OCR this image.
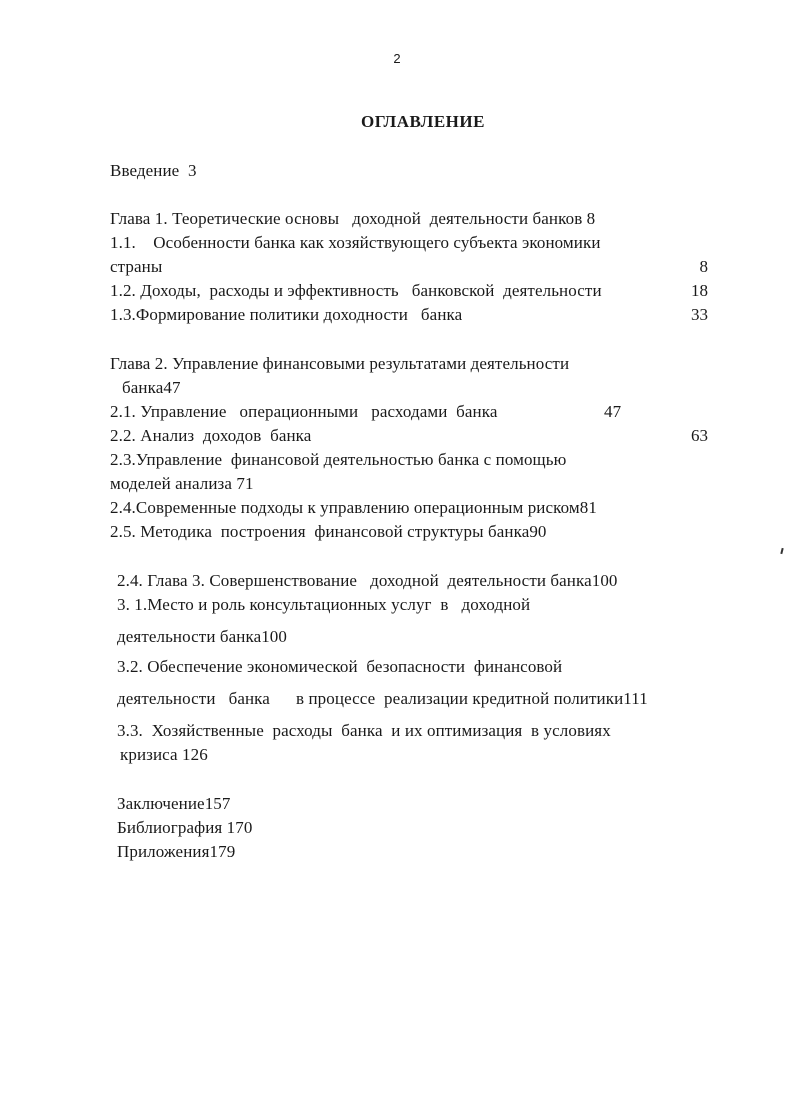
2
ОГЛАВЛЕНИЕ
Введение  3
Глава 1. Теоретические основы   доходной  деятельности банков 8
1.1.    Особенности банка как хозяйствующего субъекта экономики
страны	8
1.2. Доходы,  расходы и эффективность   банковской  деятельности	18
1.3.Формирование политики доходности   банка	33
Глава 2. Управление финансовыми результатами деятельности
банка47
2.1. Управление   операционными   расходами  банка	47
2.2. Анализ  доходов  банка	63
2.3.Управление  финансовой деятельностью банка с помощью
моделей анализа 71
2.4.Современные подходы к управлению операционным риском81
2.5. Методика  построения  финансовой структуры банка90
2.4. Глава 3. Совершенствование   доходной  деятельности банка100
3. 1.Место и роль консультационных услуг  в   доходной
деятельности банка100
3.2. Обеспечение экономической  безопасности  финансовой
деятельности   банка      в процессе  реализации кредитной политики111
3.3.  Хозяйственные  расходы  банка  и их оптимизация  в условиях
кризиса 126
Заключение157
Библиография 170
Приложения179
